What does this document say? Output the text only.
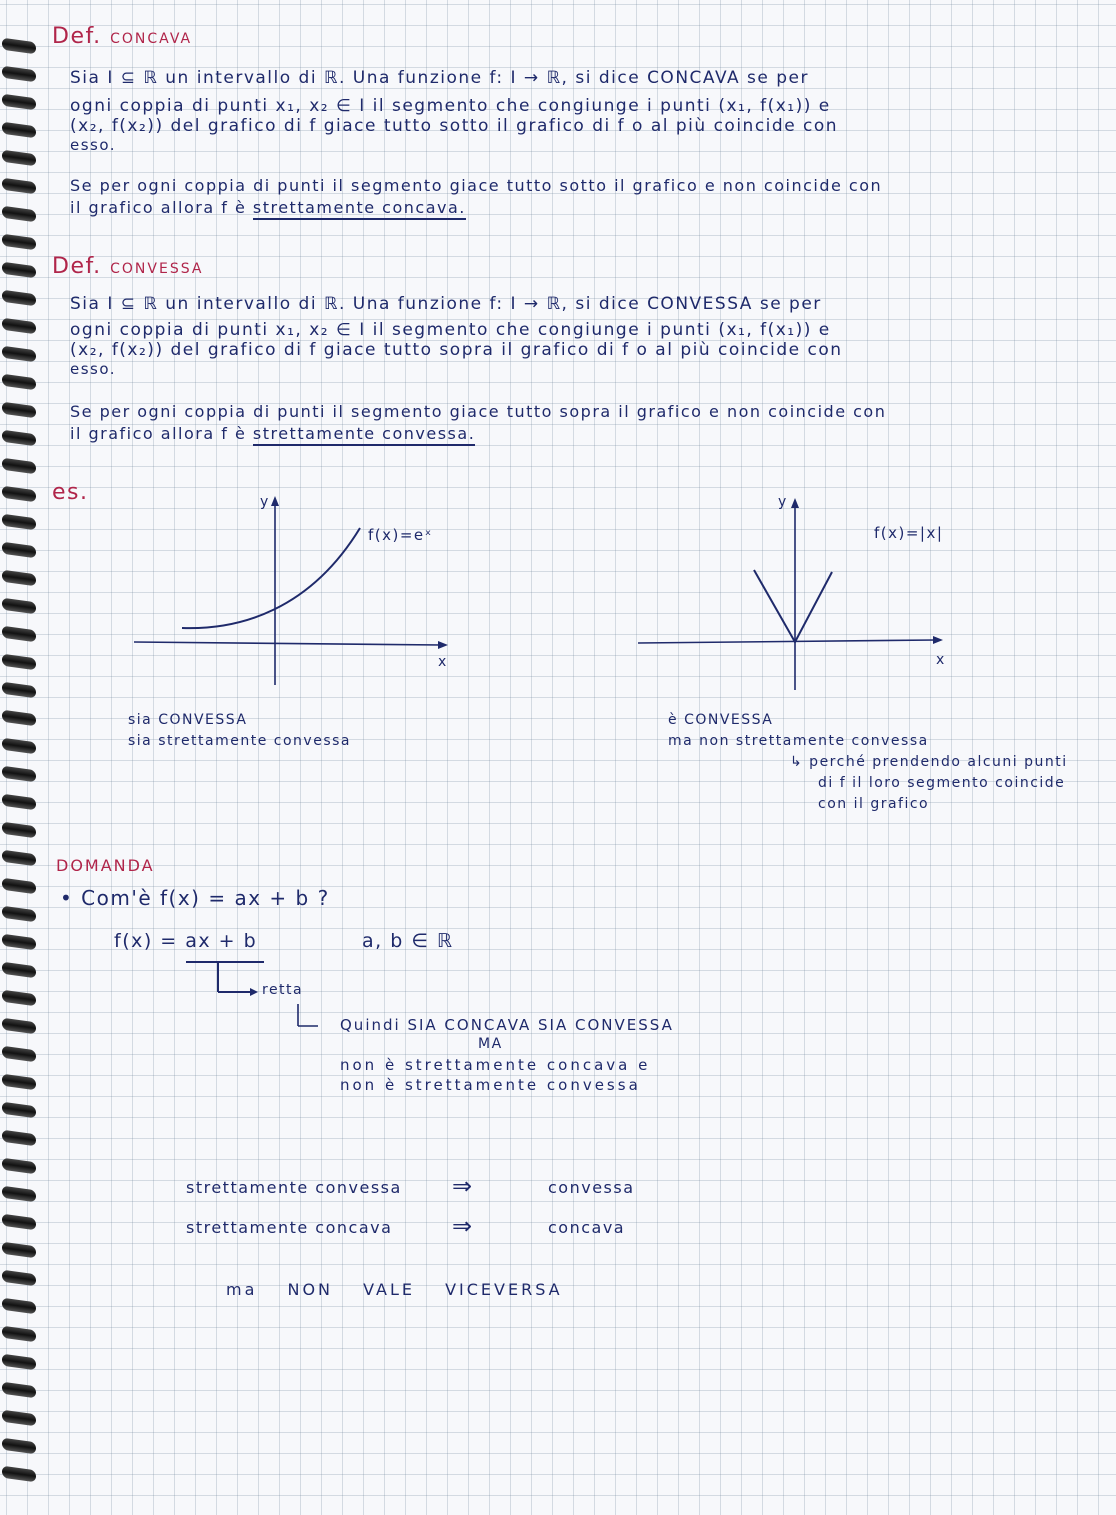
Def. CONCAVA
Sia I ⊆ ℝ un intervallo di ℝ. Una funzione f: I → ℝ, si dice CONCAVA se per
ogni coppia di punti x₁, x₂ ∈ I il segmento che congiunge i punti (x₁, f(x₁)) e
(x₂, f(x₂)) del grafico di f giace tutto sotto il grafico di f o al più coincide con
esso.
Se per ogni coppia di punti il segmento giace tutto sotto il grafico e non coincide con
il grafico allora f è strettamente concava.
Def. CONVESSA
Sia I ⊆ ℝ un intervallo di ℝ. Una funzione f: I → ℝ, si dice CONVESSA se per
ogni coppia di punti x₁, x₂ ∈ I il segmento che congiunge i punti (x₁, f(x₁)) e
(x₂, f(x₂)) del grafico di f giace tutto sopra il grafico di f o al più coincide con
esso.
Se per ogni coppia di punti il segmento giace tutto sopra il grafico e non coincide con
il grafico allora f è strettamente convessa.
es.	y
x
f(x)=eˣ
sia CONVESSA
sia strettamente convessa
y
x
f(x)=|x|
è CONVESSA
ma non strettamente convessa
↳ perché prendendo alcuni punti
di f il loro segmento coincide
con il grafico
DOMANDA
• Com'è f(x) = ax + b ?
f(x) = ax + b	a, b ∈ ℝ
retta
Quindi SIA CONCAVA SIA CONVESSA
MA
non è strettamente concava e
non è strettamente convessa
strettamente convessa ⇒	convessa
strettamente concava ⇒	concava
ma NON VALE VICEVERSA
